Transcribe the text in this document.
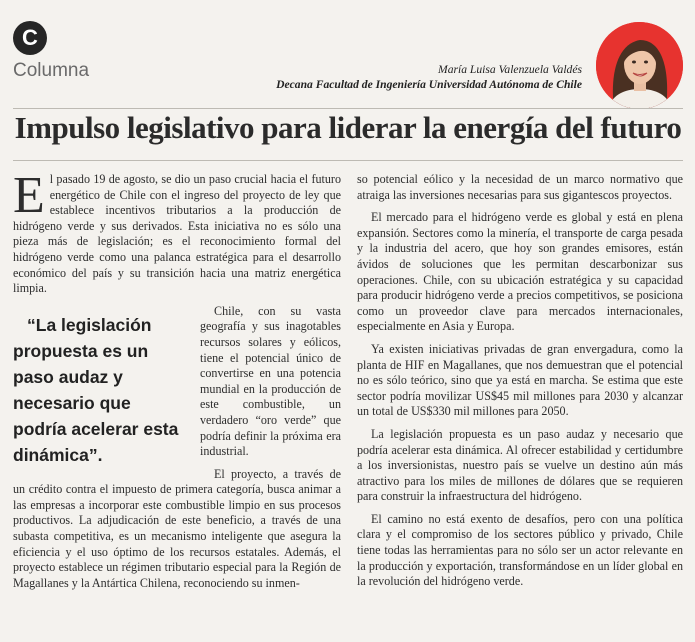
C
Columna	María Luisa Valenzuela Valdés
Decana Facultad de Ingeniería Universidad Autónoma de Chile
Impulso legislativo para liderar la energía del futuro

El pasado 19 de agosto, se dio un paso crucial hacia el futuro energético de Chile con el ingreso del proyecto de ley que establece incentivos tributarios a la producción de hidrógeno verde y sus derivados. Esta iniciativa no es sólo una pieza más de legislación; es el reconocimiento formal del hidrógeno verde como una palanca estratégica para el desarrollo económico del país y su transición hacia una matriz energética limpia.

“La legislación propuesta es un paso audaz y necesario que podría acelerar esta dinámica”.
Chile, con su vasta geografía y sus inagotables recursos solares y eólicos, tiene el potencial único de convertirse en una potencia mundial en la producción de este combustible, un verdadero “oro verde” que podría definir la próxima era industrial.

El proyecto, a través de un crédito contra el impuesto de primera categoría, busca animar a las empresas a incorporar este combustible limpio en sus procesos productivos. La adjudicación de este beneficio, a través de una subasta competitiva, es un mecanismo inteligente que asegura la eficiencia y el uso óptimo de los recursos estatales. Además, el proyecto establece un régimen tributario especial para la Región de Magallanes y la Antártica Chilena, reconociendo su inmen-

so potencial eólico y la necesidad de un marco normativo que atraiga las inversiones necesarias para sus gigantescos proyectos.

El mercado para el hidrógeno verde es global y está en plena expansión. Sectores como la minería, el transporte de carga pesada y la industria del acero, que hoy son grandes emisores, están ávidos de soluciones que les permitan descarbonizar sus operaciones. Chile, con su ubicación estratégica y su capacidad para producir hidrógeno verde a precios competitivos, se posiciona como un proveedor clave para mercados internacionales, especialmente en Asia y Europa.

Ya existen iniciativas privadas de gran envergadura, como la planta de HIF en Magallanes, que nos demuestran que el potencial no es sólo teórico, sino que ya está en marcha. Se estima que este sector podría movilizar US$45 mil millones para 2030 y alcanzar un total de US$330 mil millones para 2050.

La legislación propuesta es un paso audaz y necesario que podría acelerar esta dinámica. Al ofrecer estabilidad y certidumbre a los inversionistas, nuestro país se vuelve un destino aún más atractivo para los miles de millones de dólares que se requieren para construir la infraestructura del hidrógeno.

El camino no está exento de desafíos, pero con una política clara y el compromiso de los sectores público y privado, Chile tiene todas las herramientas para no sólo ser un actor relevante en la producción y exportación, transformándose en un líder global en la revolución del hidrógeno verde.
